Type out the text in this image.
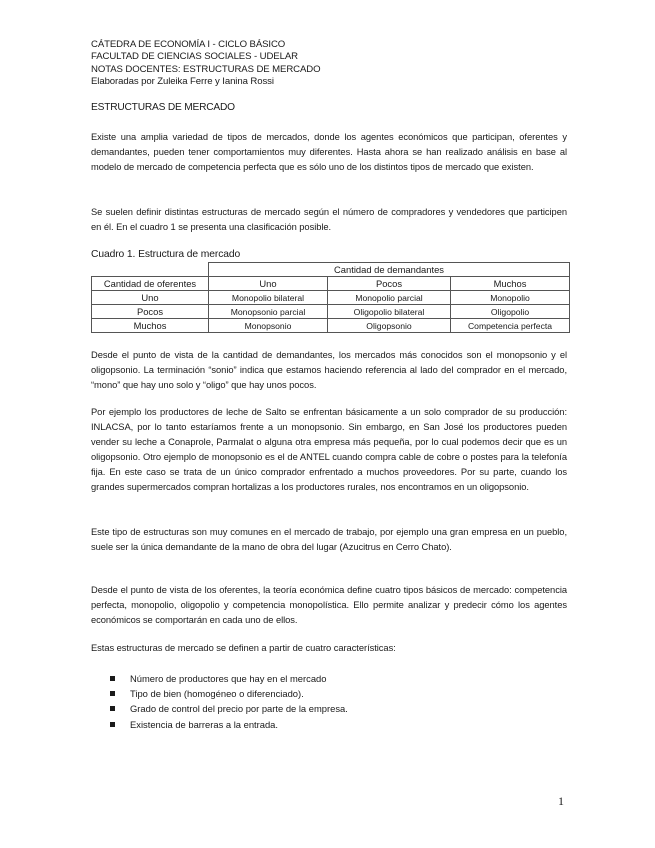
CÁTEDRA DE ECONOMÍA I - CICLO BÁSICO
FACULTAD DE CIENCIAS SOCIALES - UDELAR
NOTAS DOCENTES: ESTRUCTURAS DE MERCADO
Elaboradas por Zuleika Ferre y Ianina Rossi
ESTRUCTURAS DE MERCADO

Existe una amplia variedad de tipos de mercados, donde los agentes económicos que participan, oferentes y demandantes, pueden tener comportamientos muy diferentes. Hasta ahora se han realizado análisis en base al modelo de mercado de competencia perfecta que es sólo uno de los distintos tipos de mercado que existen.

Se suelen definir distintas estructuras de mercado según el número de compradores y vendedores que participen en él. En el cuadro 1 se presenta una clasificación posible.

Cuadro 1. Estructura de mercado
	Cantidad de demandantes		
Cantidad de oferentes	Uno	Pocos	Muchos
Uno	Monopolio bilateral	Monopolio parcial	Monopolio
Pocos	Monopsonio parcial	Oligopolio bilateral	Oligopolio
Muchos	Monopsonio	Oligopsonio	Competencia perfecta

Desde el punto de vista de la cantidad de demandantes, los mercados más conocidos son el monopsonio y el oligopsonio. La terminación “sonio” indica que estamos haciendo referencia al lado del comprador en el mercado, “mono” que hay uno solo y “oligo” que hay unos pocos.

Por ejemplo los productores de leche de Salto se enfrentan básicamente a un solo comprador de su producción: INLACSA, por lo tanto estaríamos frente a un monopsonio. Sin embargo, en San José los productores pueden vender su leche a Conaprole, Parmalat o alguna otra empresa más pequeña, por lo cual podemos decir que es un oligopsonio. Otro ejemplo de monopsonio es el de ANTEL cuando compra cable de cobre o postes para la telefonía fija. En este caso se trata de un único comprador enfrentado a muchos proveedores. Por su parte, cuando los grandes supermercados compran hortalizas a los productores rurales, nos encontramos en un oligopsonio.

Este tipo de estructuras son muy comunes en el mercado de trabajo, por ejemplo una gran empresa en un pueblo, suele ser la única demandante de la mano de obra del lugar (Azucitrus en Cerro Chato).

Desde el punto de vista de los oferentes, la teoría económica define cuatro tipos básicos de mercado: competencia perfecta, monopolio, oligopolio y competencia monopolística. Ello permite analizar y predecir cómo los agentes económicos se comportarán en cada uno de ellos.

Estas estructuras de mercado se definen a partir de cuatro características:

Número de productores que hay en el mercado
Tipo de bien (homogéneo o diferenciado).
Grado de control del precio por parte de la empresa.
Existencia de barreras a la entrada.
1
